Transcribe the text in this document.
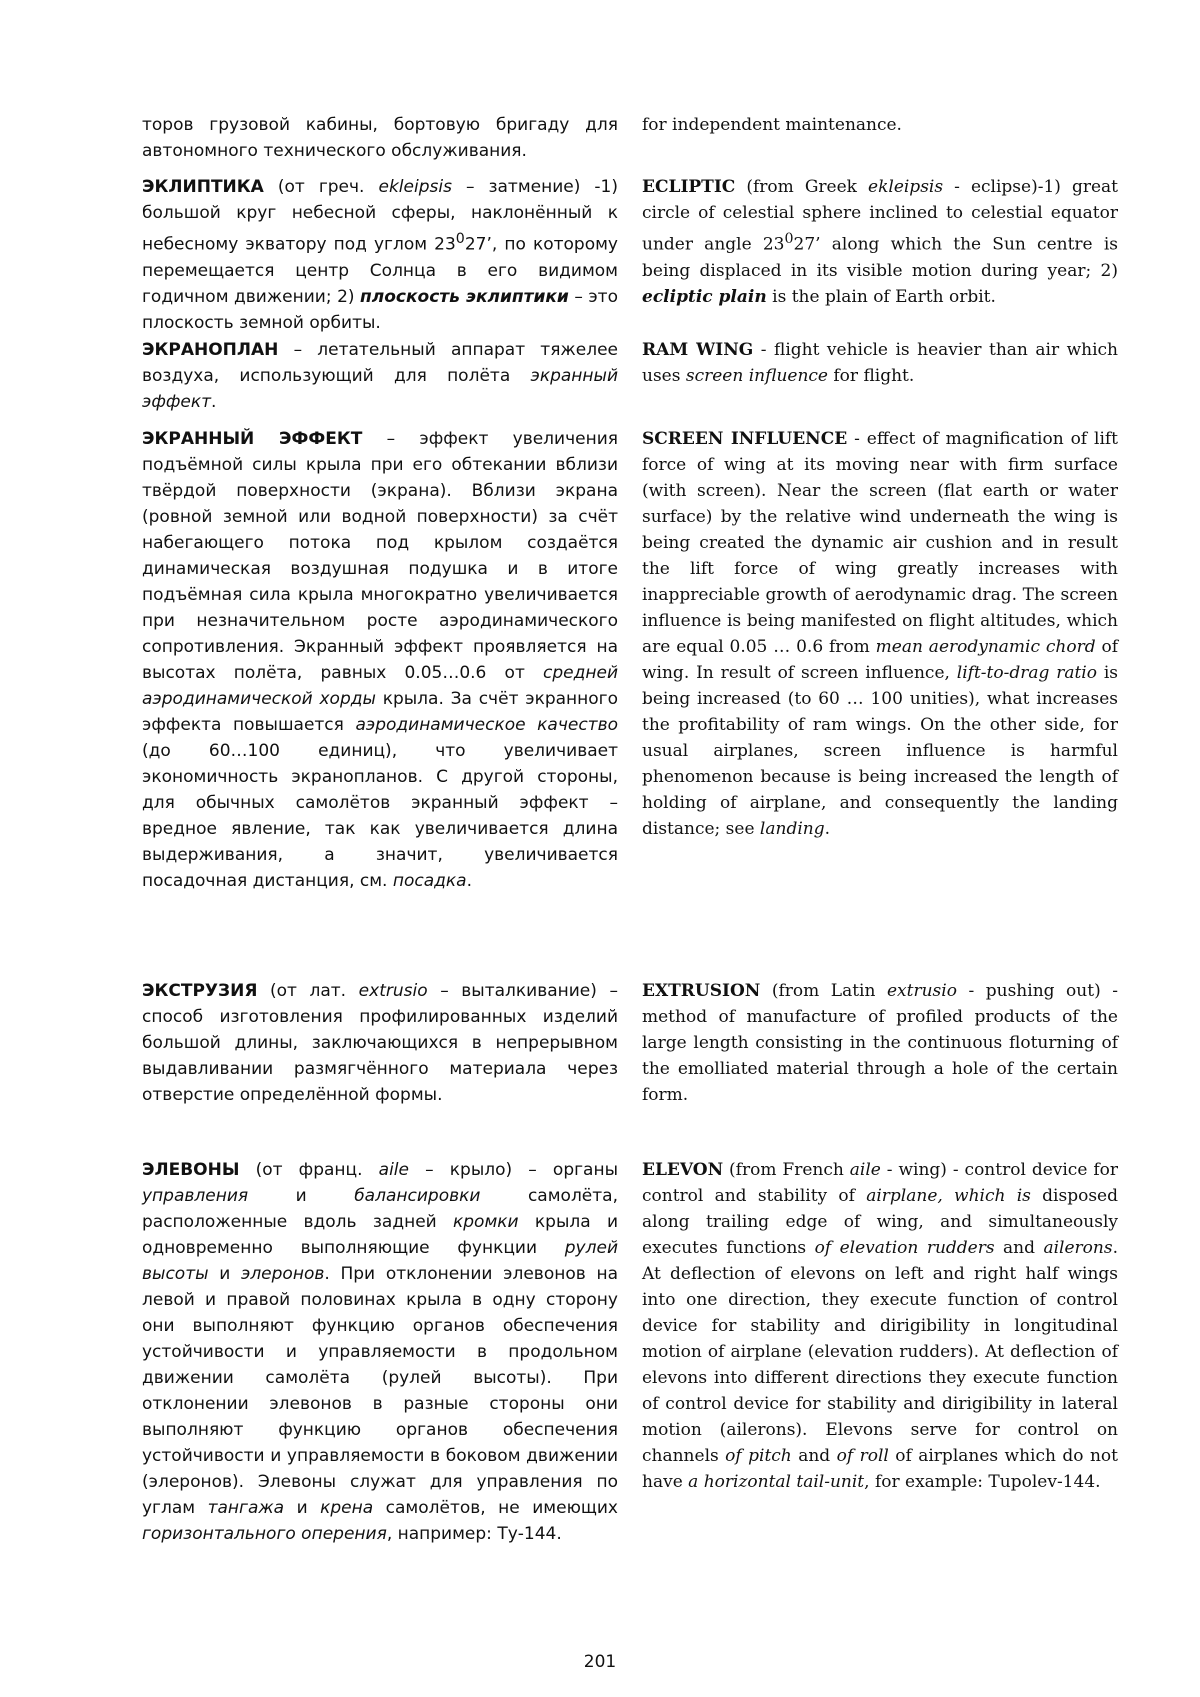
торов грузовой кабины, бортовую бригаду для автономного технического обслуживания.

ЭКЛИПТИКА (от греч. ekleipsis – затмение) -1) большой круг небесной сферы, наклонённый к небесному экватору под углом $23^027$’, по которому перемещается центр Солнца в его видимом годичном движении; 2) плоскость эклиптики – это плоскость земной орбиты.

ЭКРАНОПЛАН – летательный аппарат тяжелее воздуха, использующий для полёта экранный эффект.

ЭКРАННЫЙ ЭФФЕКТ – эффект увеличения подъёмной силы крыла при его обтекании вблизи твёрдой поверхности (экрана). Вблизи экрана (ровной земной или водной поверхности) за счёт набегающего потока под крылом создаётся динамическая воздушная подушка и в итоге подъёмная сила крыла многократно увеличивается при незначительном росте аэродинамического сопротивления. Экранный эффект проявляется на высотах полёта, равных 0.05…0.6 от средней аэродинамической хорды крыла. За счёт экранного эффекта повышается аэродинамическое качество (до 60…100 единиц), что увеличивает экономичность экранопланов. С другой стороны, для обычных самолётов экранный эффект – вредное явление, так как увеличивается длина выдерживания, а значит, увеличивается посадочная дистанция, см. посадка.

ЭКСТРУЗИЯ (от лат. extrusio – выталкивание) – способ изготовления профилированных изделий большой длины, заключающихся в непрерывном выдавливании размягчённого материала через отверстие определённой формы.

ЭЛЕВОНЫ (от франц. aile – крыло) – органы управления и балансировки самолёта, расположенные вдоль задней кромки крыла и одновременно выполняющие функции рулей высоты и элеронов. При отклонении элевонов на левой и правой половинах крыла в одну сторону они выполняют функцию органов обеспечения устойчивости и управляемости в продольном движении самолёта (рулей высоты). При отклонении элевонов в разные стороны они выполняют функцию органов обеспечения устойчивости и управляемости в боковом движении (элеронов). Элевоны служат для управления по углам тангажа и крена самолётов, не имеющих горизонтального оперения, например: Ту-144.

for independent maintenance.

ECLIPTIC (from Greek ekleipsis - eclipse)-1) great circle of celestial sphere inclined to celestial equator under angle $23^027$’ along which the Sun centre is being displaced in its visible motion during year; 2) ecliptic plain is the plain of Earth orbit.

RAM WING - flight vehicle is heavier than air which uses screen influence for flight.

SCREEN INFLUENCE - effect of magnification of lift force of wing at its moving near with firm surface (with screen). Near the screen (flat earth or water surface) by the relative wind underneath the wing is being created the dynamic air cushion and in result the lift force of wing greatly increases with inappreciable growth of aerodynamic drag. The screen influence is being manifested on flight altitudes, which are equal 0.05 … 0.6 from mean aerodynamic chord of wing. In result of screen influence, lift-to-drag ratio is being increased (to 60 … 100 unities), what increases the profitability of ram wings. On the other side, for usual airplanes, screen influence is harmful phenomenon because is being increased the length of holding of airplane, and consequently the landing distance; see landing.

EXTRUSION (from Latin extrusio - pushing out) - method of manufacture of profiled products of the large length consisting in the continuous floturning of the emolliated material through a hole of the certain form.

ELEVON (from French aile - wing) - control device for control and stability of airplane, which is disposed along trailing edge of wing, and simultaneously executes functions of elevation rudders and ailerons. At deflection of elevons on left and right half wings into one direction, they execute function of control device for stability and dirigibility in longitudinal motion of airplane (elevation rudders). At deflection of elevons into different directions they execute function of control device for stability and dirigibility in lateral motion (ailerons). Elevons serve for control on channels of pitch and of roll of airplanes which do not have a horizontal tail-unit, for example: Tupolev-144.

201
